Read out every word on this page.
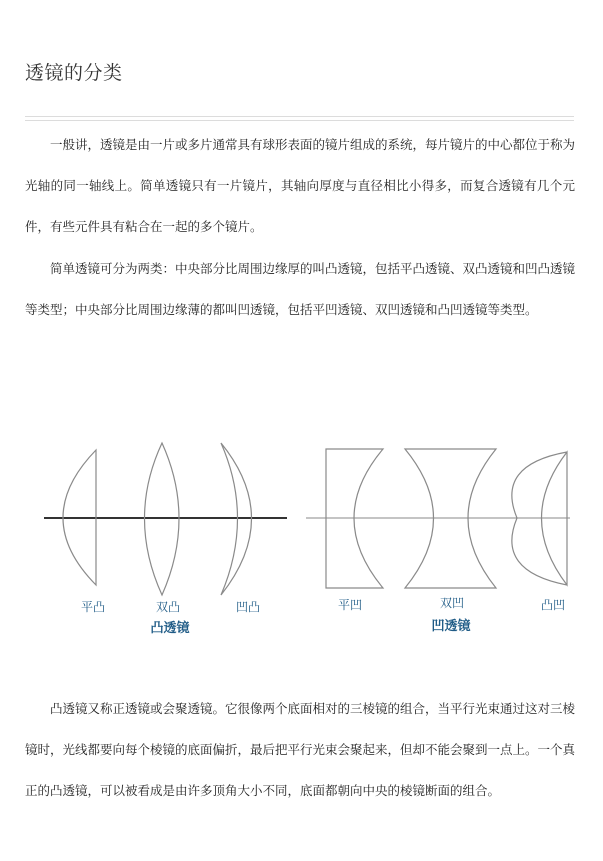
透镜的分类

一般讲，透镜是由一片或多片通常具有球形表面的镜片组成的系统，每片镜片的中心都位于称为光轴的同一轴线上。简单透镜只有一片镜片，其轴向厚度与直径相比小得多，而复合透镜有几个元件，有些元件具有粘合在一起的多个镜片。

简单透镜可分为两类：中央部分比周围边缘厚的叫凸透镜，包括平凸透镜、双凸透镜和凹凸透镜等类型；中央部分比周围边缘薄的都叫凹透镜，包括平凹透镜、双凹透镜和凸凹透镜等类型。

平凸	双凸	凹凸
凸透镜
平凹	双凹	凸凹
凹透镜

凸透镜又称正透镜或会聚透镜。它很像两个底面相对的三棱镜的组合，当平行光束通过这对三棱镜时，光线都要向每个棱镜的底面偏折，最后把平行光束会聚起来，但却不能会聚到一点上。一个真正的凸透镜，可以被看成是由许多顶角大小不同，底面都朝向中央的棱镜断面的组合。
